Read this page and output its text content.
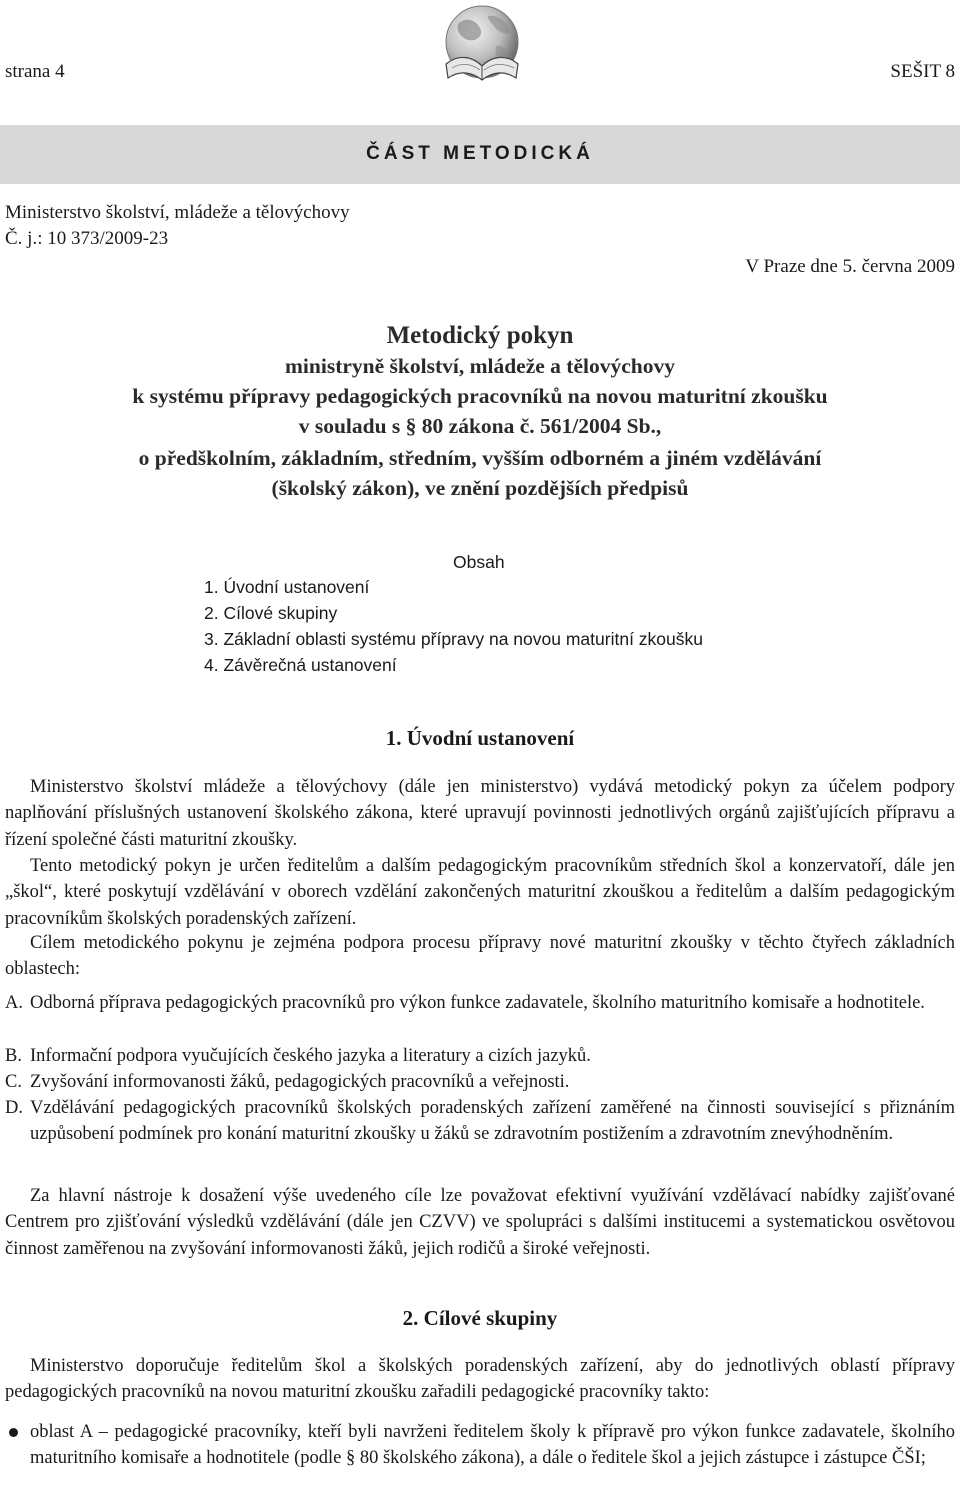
strana 4	SEŠIT 8
ČÁST METODICKÁ
Ministerstvo školství, mládeže a tělovýchovy
Č. j.: 10 373/2009-23
V Praze dne 5. června 2009
Metodický pokyn
ministryně školství, mládeže a tělovýchovy
k systému přípravy pedagogických pracovníků na novou maturitní zkoušku
v souladu s § 80 zákona č. 561/2004 Sb.,
o předškolním, základním, středním, vyšším odborném a jiném vzdělávání
(školský zákon), ve znění pozdějších předpisů
Obsah
1. Úvodní ustanovení
2. Cílové skupiny
3. Základní oblasti systému přípravy na novou maturitní zkoušku
4. Závěrečná ustanovení
1. Úvodní ustanovení
Ministerstvo školství mládeže a tělovýchovy (dále jen ministerstvo) vydává metodický pokyn za účelem podpory naplňování příslušných ustanovení školského zákona, které upravují povinnosti jednotlivých orgánů zajišťujících přípravu a řízení společné části maturitní zkoušky.
Tento metodický pokyn je určen ředitelům a dalším pedagogickým pracovníkům středních škol a konzervatoří, dále jen „škol“, které poskytují vzdělávání v oborech vzdělání zakončených maturitní zkouškou a ředitelům a dalším pedagogickým pracovníkům školských poradenských zařízení.
Cílem metodického pokynu je zejména podpora procesu přípravy nové maturitní zkoušky v těchto čtyřech základních oblastech:
A. Odborná příprava pedagogických pracovníků pro výkon funkce zadavatele, školního maturitního komisaře a hodnotitele.
B. Informační podpora vyučujících českého jazyka a literatury a cizích jazyků.
C. Zvyšování informovanosti žáků, pedagogických pracovníků a veřejnosti.
D. Vzdělávání pedagogických pracovníků školských poradenských zařízení zaměřené na činnosti související s přiznáním uzpůsobení podmínek pro konání maturitní zkoušky u žáků se zdravotním postižením a zdravotním znevýhodněním.
Za hlavní nástroje k dosažení výše uvedeného cíle lze považovat efektivní využívání vzdělávací nabídky zajišťované Centrem pro zjišťování výsledků vzdělávání (dále jen CZVV) ve spolupráci s dalšími institucemi a systematickou osvětovou činnost zaměřenou na zvyšování informovanosti žáků, jejich rodičů a široké veřejnosti.
2. Cílové skupiny
Ministerstvo doporučuje ředitelům škol a školských poradenských zařízení, aby do jednotlivých oblastí přípravy pedagogických pracovníků na novou maturitní zkoušku zařadili pedagogické pracovníky takto:
oblast A – pedagogické pracovníky, kteří byli navrženi ředitelem školy k přípravě pro výkon funkce zadavatele, školního maturitního komisaře a hodnotitele (podle § 80 školského zákona), a dále o ředitele škol a jejich zástupce i zástupce ČŠI;
